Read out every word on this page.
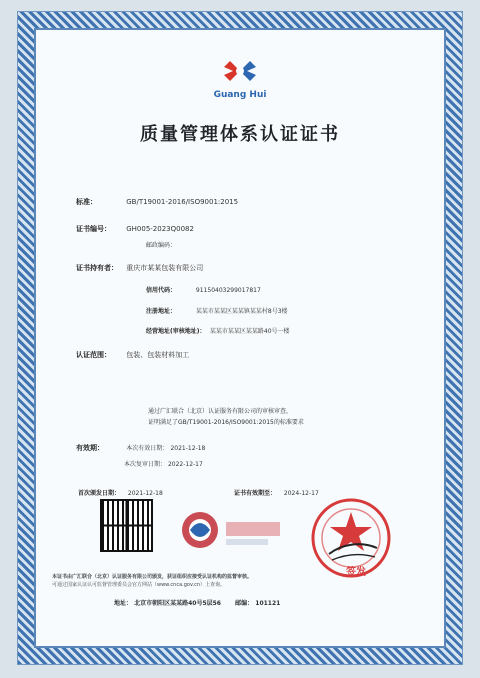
Guang Hui
质量管理体系认证证书
标准：	GB/T19001-2016/ISO9001:2015
证书编号： GH005-2023Q0082
邮政编码：
证书持有者： 重庆市某某包装有限公司
信用代码：	91150403299017817
注册地址：	某某市某某区某某镇某某村8号3楼
经营地址(审核地址)： 某某市某某区某某路40号一楼
认证范围： 包装、包装材料加工
通过广汇联合（北京）认证服务有限公司的审核审查，
证明满足了GB/T19001-2016/ISO9001:2015的标准要求
有效期：	本次有效日期： 2021-12-18
本次复审日期： 2022-12-17
首次颁发日期： 2021-12-18	证书有效期至： 2024-12-17
签发
本证书由广汇联合（北京）认证服务有限公司颁发，获证组织应接受认证机构的监督审核。
可通过国家认证认可监督管理委员会官方网站（www.cnca.gov.cn）上查询。
地址： 北京市朝阳区某某路40号5层56 邮编： 101121
